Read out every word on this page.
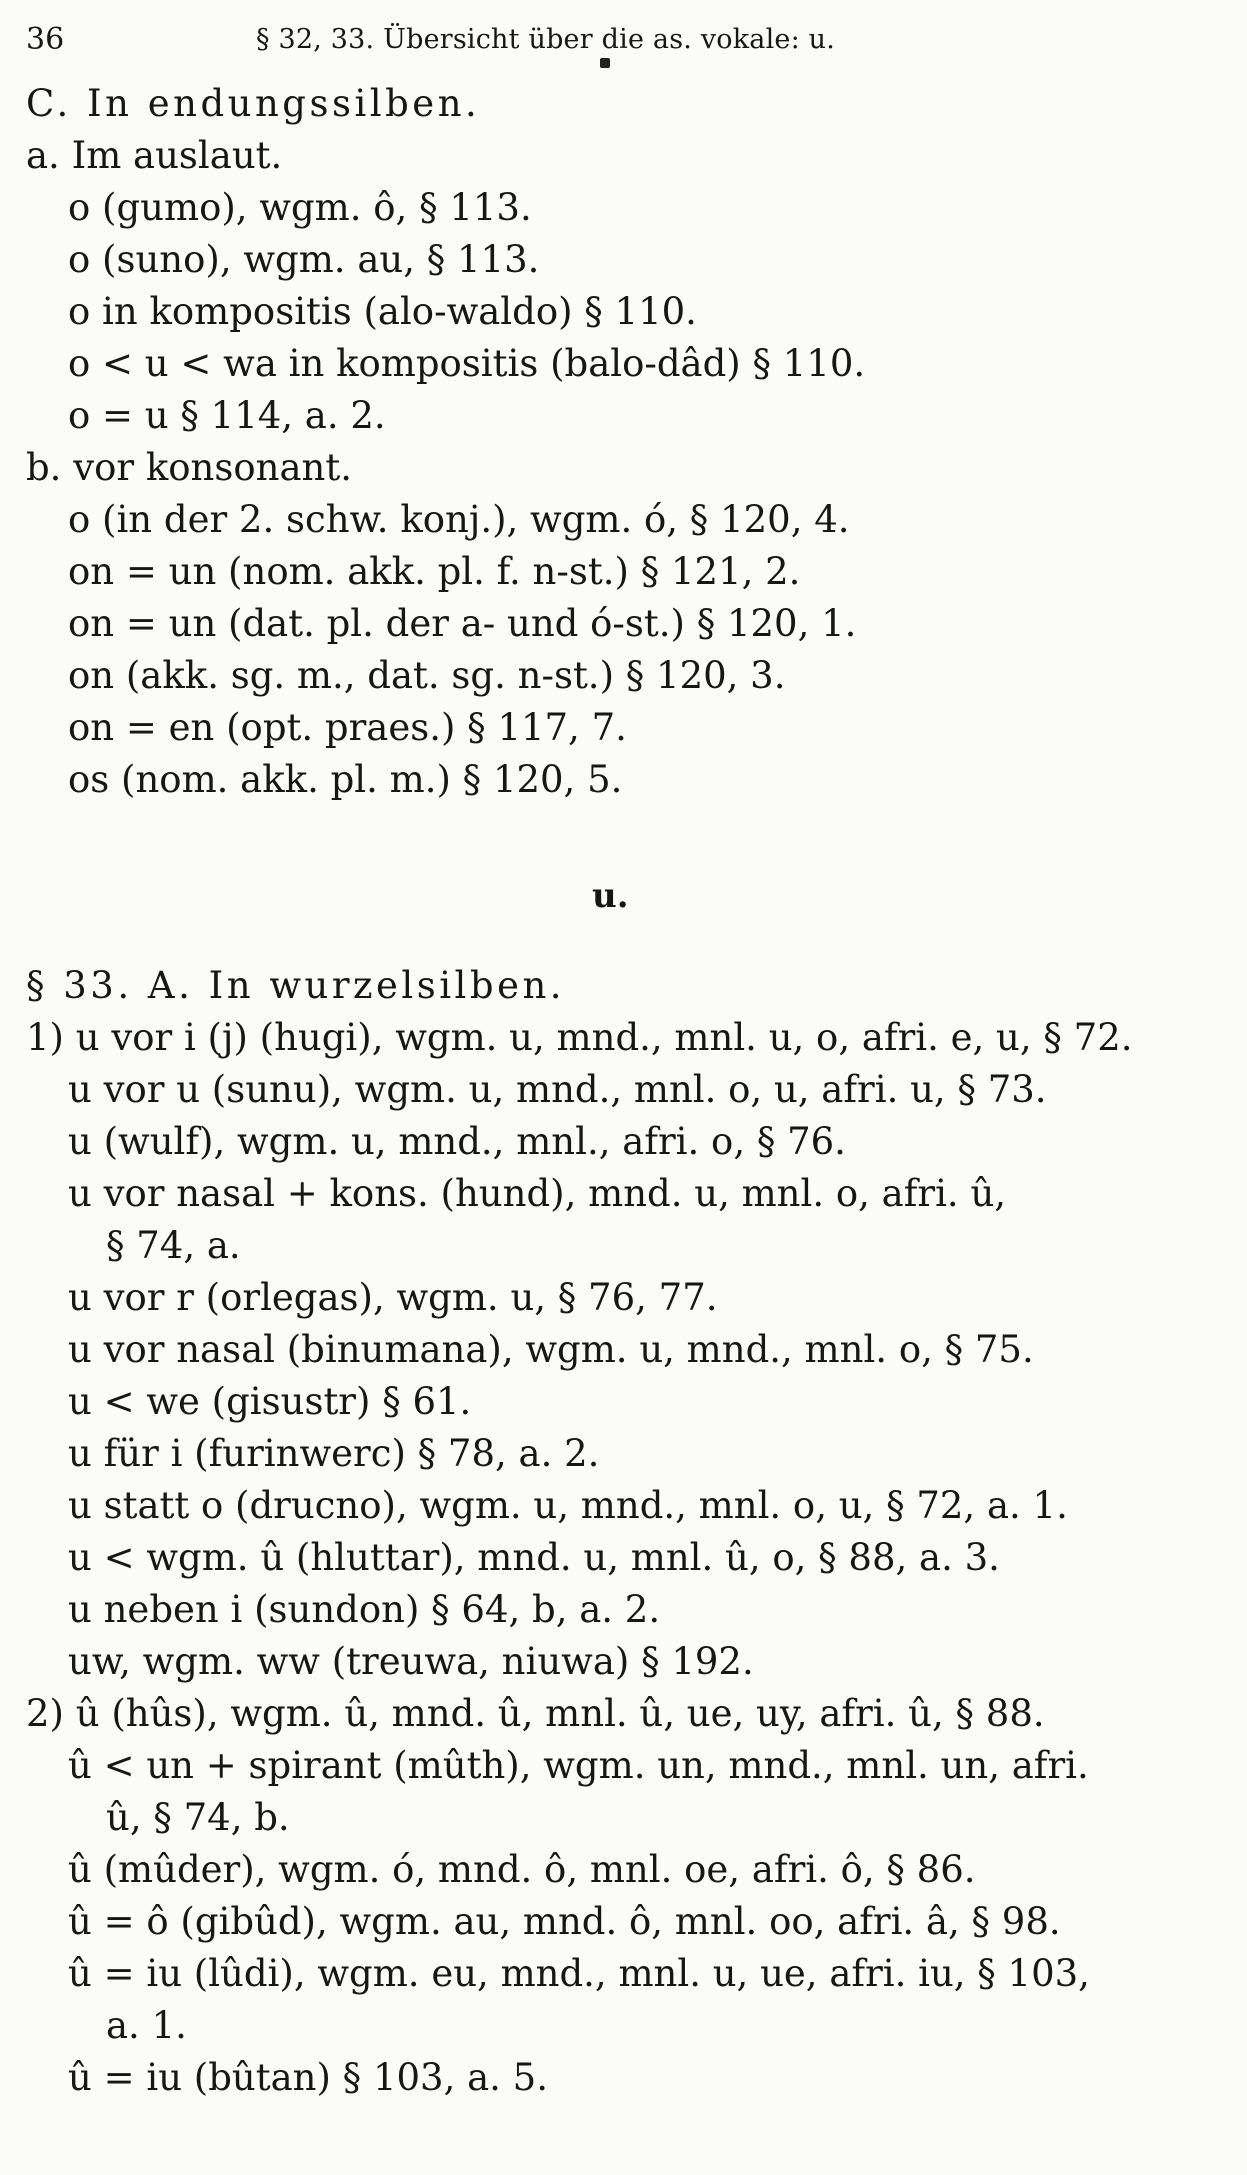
36	§ 32, 33. Übersicht über die as. vokale: u.
C. In endungssilben.
a. Im auslaut.
o (gumo), wgm. ô, § 113.
o (suno), wgm. au, § 113.
o in kompositis (alo-waldo) § 110.
o < u < wa in kompositis (balo-dâd) § 110.
o = u § 114, a. 2.
b. vor konsonant.
o (in der 2. schw. konj.), wgm. ó, § 120, 4.
on = un (nom. akk. pl. f. n-st.) § 121, 2.
on = un (dat. pl. der a- und ó-st.) § 120, 1.
on (akk. sg. m., dat. sg. n-st.) § 120, 3.
on = en (opt. praes.) § 117, 7.
os (nom. akk. pl. m.) § 120, 5.
u.
§ 33. A. In wurzelsilben.
1) u vor i (j) (hugi), wgm. u, mnd., mnl. u, o, afri. e, u, § 72.
u vor u (sunu), wgm. u, mnd., mnl. o, u, afri. u, § 73.
u (wulf), wgm. u, mnd., mnl., afri. o, § 76.
u vor nasal + kons. (hund), mnd. u, mnl. o, afri. û,
§ 74, a.
u vor r (orlegas), wgm. u, § 76, 77.
u vor nasal (binumana), wgm. u, mnd., mnl. o, § 75.
u < we (gisustr) § 61.
u für i (furinwerc) § 78, a. 2.
u statt o (drucno), wgm. u, mnd., mnl. o, u, § 72, a. 1.
u < wgm. û (hluttar), mnd. u, mnl. û, o, § 88, a. 3.
u neben i (sundon) § 64, b, a. 2.
uw, wgm. ww (treuwa, niuwa) § 192.
2) û (hûs), wgm. û, mnd. û, mnl. û, ue, uy, afri. û, § 88.
û < un + spirant (mûth), wgm. un, mnd., mnl. un, afri.
û, § 74, b.
û (mûder), wgm. ó, mnd. ô, mnl. oe, afri. ô, § 86.
û = ô (gibûd), wgm. au, mnd. ô, mnl. oo, afri. â, § 98.
û = iu (lûdi), wgm. eu, mnd., mnl. u, ue, afri. iu, § 103,
a. 1.
û = iu (bûtan) § 103, a. 5.
